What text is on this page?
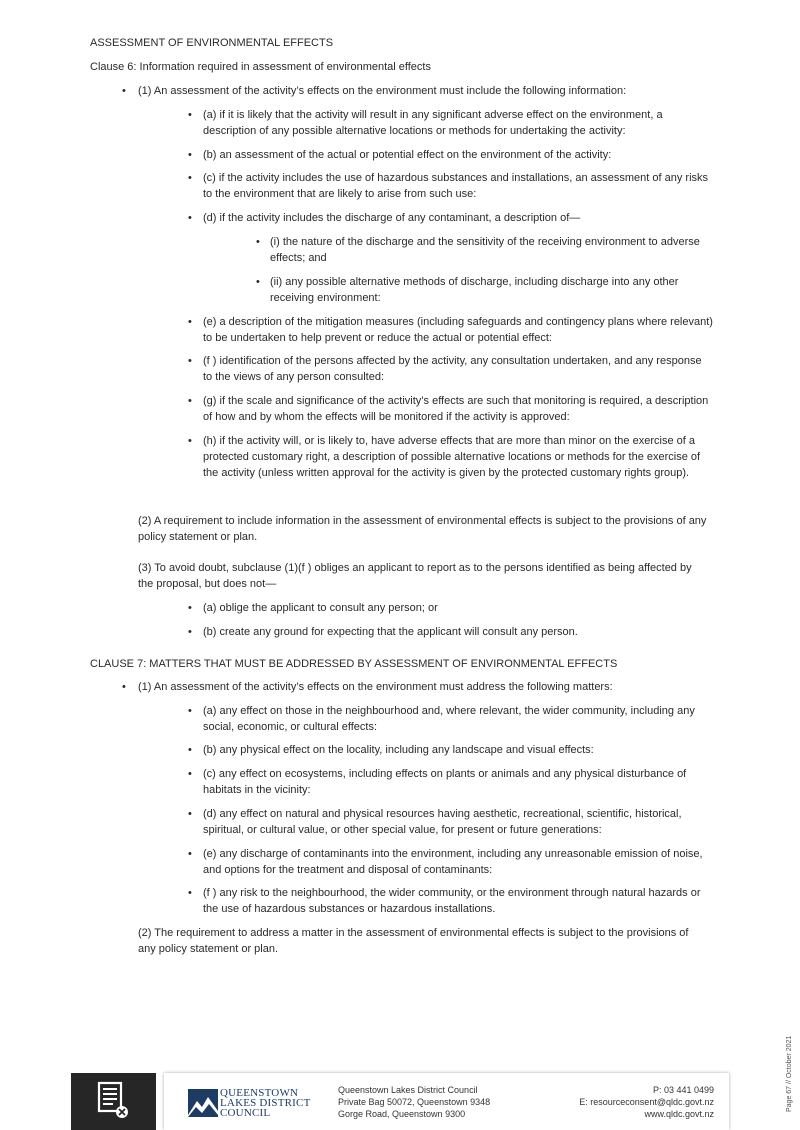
ASSESSMENT OF ENVIRONMENTAL EFFECTS
Clause 6: Information required in assessment of environmental effects
•	(1) An assessment of the activity’s effects on the environment must include the following information:
•	(a) if it is likely that the activity will result in any significant adverse effect on the environment, a description of any possible alternative locations or methods for undertaking the activity:
•	(b) an assessment of the actual or potential effect on the environment of the activity:
•	(c) if the activity includes the use of hazardous substances and installations, an assessment of any risks to the environment that are likely to arise from such use:
•	(d) if the activity includes the discharge of any contaminant, a description of—
• (i) the nature of the discharge and the sensitivity of the receiving environment to adverse effects; and
• (ii) any possible alternative methods of discharge, including discharge into any other receiving environment:
•	(e) a description of the mitigation measures (including safeguards and contingency plans where relevant) to be undertaken to help prevent or reduce the actual or potential effect:
•	(f ) identification of the persons affected by the activity, any consultation undertaken, and any response to the views of any person consulted:
•	(g) if the scale and significance of the activity’s effects are such that monitoring is required, a description of how and by whom the effects will be monitored if the activity is approved:
•	(h) if the activity will, or is likely to, have adverse effects that are more than minor on the exercise of a protected customary right, a description of possible alternative locations or methods for the exercise of the activity (unless written approval for the activity is given by the protected customary rights group).
(2) A requirement to include information in the assessment of environmental effects is subject to the provisions of any policy statement or plan.
(3) To avoid doubt, subclause (1)(f ) obliges an applicant to report as to the persons identified as being affected by the proposal, but does not—
•	(a) oblige the applicant to consult any person; or
•	(b) create any ground for expecting that the applicant will consult any person.
CLAUSE 7: MATTERS THAT MUST BE ADDRESSED BY ASSESSMENT OF ENVIRONMENTAL EFFECTS
•	(1) An assessment of the activity’s effects on the environment must address the following matters:
•	(a) any effect on those in the neighbourhood and, where relevant, the wider community, including any social, economic, or cultural effects:
•	(b) any physical effect on the locality, including any landscape and visual effects:
•	(c) any effect on ecosystems, including effects on plants or animals and any physical disturbance of habitats in the vicinity:
•	(d) any effect on natural and physical resources having aesthetic, recreational, scientific, historical, spiritual, or cultural value, or other special value, for present or future generations:
•	(e) any discharge of contaminants into the environment, including any unreasonable emission of noise, and options for the treatment and disposal of contaminants:
•	(f ) any risk to the neighbourhood, the wider community, or the environment through natural hazards or the use of hazardous substances or hazardous installations.
(2) The requirement to address a matter in the assessment of environmental effects is subject to the provisions of any policy statement or plan.
QUEENSTOWN
LAKES DISTRICT
COUNCIL
Queenstown Lakes District Council
Private Bag 50072, Queenstown 9348
Gorge Road, Queenstown 9300
P: 03 441 0499
E: resourceconsent@qldc.govt.nz
www.qldc.govt.nz
Page 67 // October 2021
